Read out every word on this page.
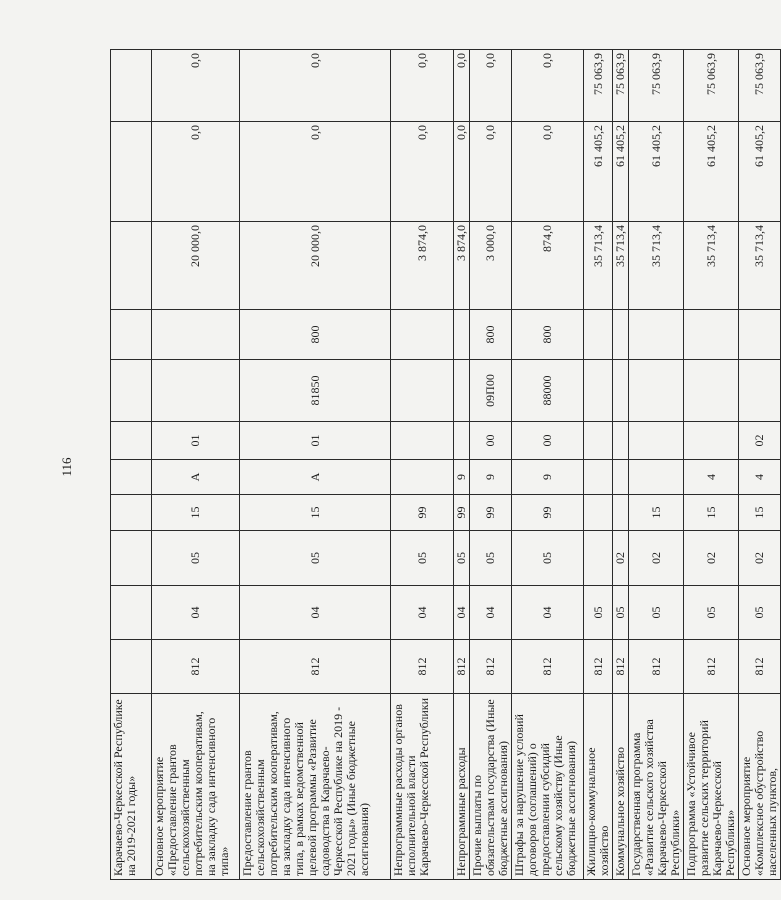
116
Карачаево-Черкесской Республике на 2019-2021 годы»											
Основное мероприятие «Предоставление грантов сельскохозяйственным потребительским кооперативам, на закладку сада интенсивного типа»	812	04	05	15	А	01			20 000,0	0,0	0,0
Предоставление грантов сельскохозяйственным потребительским кооперативам, на закладку сада интенсивного типа, в рамках ведомственной целевой программы «Развитие садоводства в Карачаево-Черкесской Республике на 2019 - 2021 годы» (Иные бюджетные ассигнования)	812	04	05	15	А	01	81850	800	20 000,0	0,0	0,0
Непрограммные расходы органов исполнительной власти Карачаево-Черкесской Республики	812	04	05	99					3 874,0	0,0	0,0
Непрограммные расходы	812	04	05	99	9				3 874,0	0,0	0,0
Прочие выплаты по обязательствам государства (Иные бюджетные ассигнования)	812	04	05	99	9	00	09П00	800	3 000,0	0,0	0,0
Штрафы за нарушение условий договоров (соглашений) о предоставлении субсидий сельскому хозяйству (Иные бюджетные ассигнования)	812	04	05	99	9	00	88000	800	874,0	0,0	0,0
Жилищно-коммунальное хозяйство	812	05							35 713,4	61 405,2	75 063,9
Коммунальное хозяйство	812	05	02						35 713,4	61 405,2	75 063,9
Государственная программа «Развитие сельского хозяйства Карачаево-Черкесской Республики»	812	05	02	15					35 713,4	61 405,2	75 063,9
Подпрограмма «Устойчивое развитие сельских территорий Карачаево-Черкесской Республики»	812	05	02	15	4				35 713,4	61 405,2	75 063,9
Основное мероприятие «Комплексное обустройство населенных пунктов,	812	05	02	15	4	02			35 713,4	61 405,2	75 063,9
